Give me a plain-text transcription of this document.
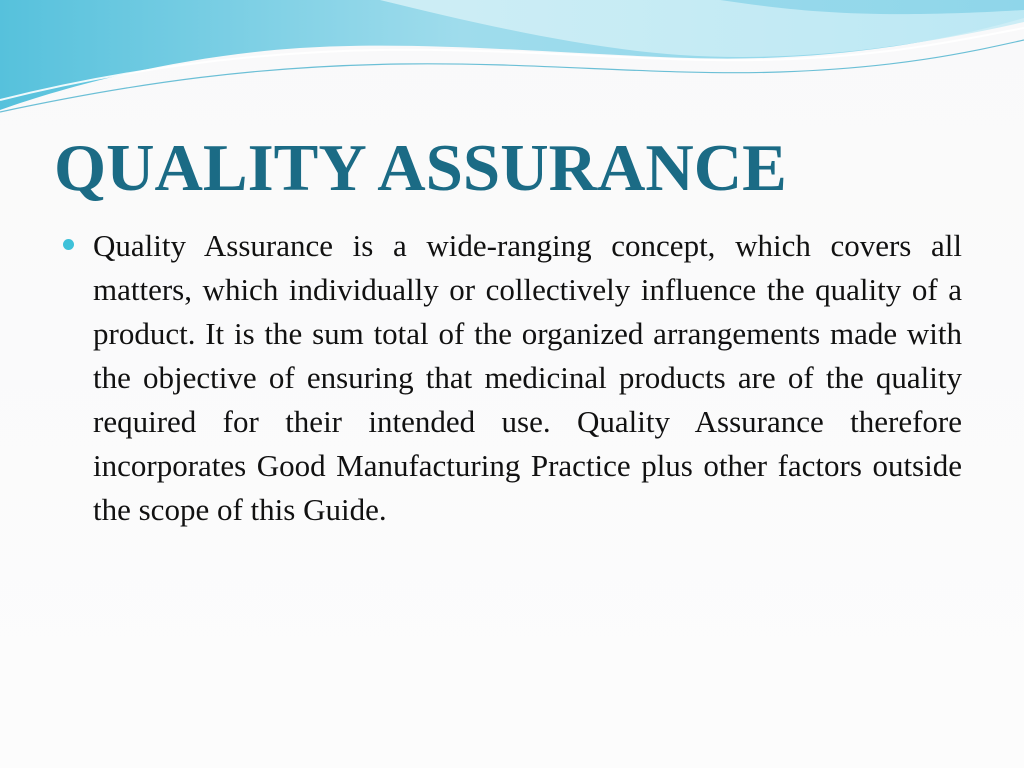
QUALITY ASSURANCE

Quality Assurance is a wide-ranging concept, which covers all matters, which individually or collectively influence the quality of a product. It is the sum total of the organized arrangements made with the objective of ensuring that medicinal products are of the quality required for their intended use. Quality Assurance therefore incorporates Good Manufacturing Practice plus other factors outside the scope of this Guide.
